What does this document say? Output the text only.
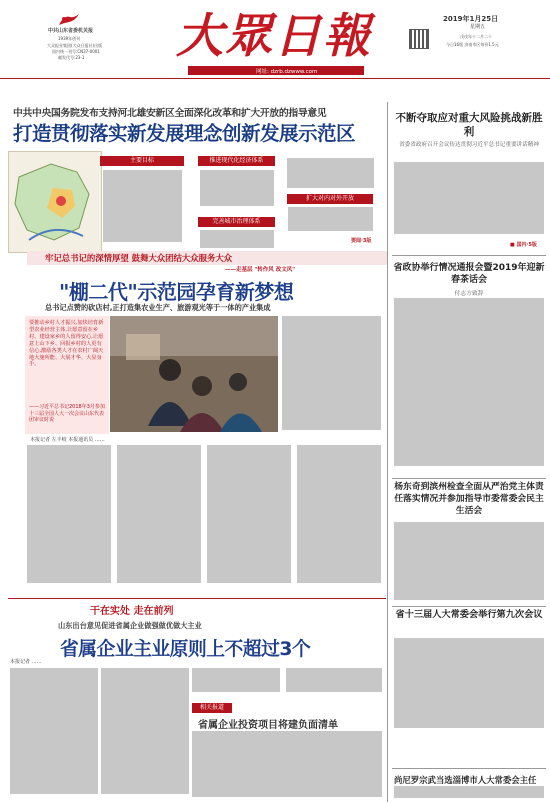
中共山东省委机关报
1939年创刊
大众报业集团(大众日报社)出版
国内统一刊号:CN37-0001
邮发代号:23-1 大眾日報	2019年1月25日
星期五
戊戌年十二月二十
今日16版 济南市区每份1.5元
网址: dzrb.dzwww.com
中共中央国务院发布支持河北雄安新区全面深化改革和扩大开放的指导意见
打造贯彻落实新发展理念创新发展示范区
主要目标	推进现代化经济体系
完善城市治理体系
扩大对内对外开放
要闻·3版
牢记总书记的深情厚望 鼓舞大众团结大众服务大众
——走基层 "转作风 改文风"
"棚二代"示范园孕育新梦想
总书记点赞的砍店村,正打造集农业生产、旅游观光等于一体的产业集成
要推动乡村人才振兴,加快培育新型农业经营主体,让愿意留在乡村、建设家乡的人留得安心,让愿意上山下乡、回报乡村的人更有信心,激励各类人才在农村广阔天地大施所能、大展才华、大显身手。
——习近平总书记2018年3月参加十三届全国人大一次会议山东代表团审议时说
本报记者 左丰岐 本报通讯员 ……
干在实处 走在前列
山东出台意见促进省属企业做强做优做大主业
省属企业主业原则上不超过3个
本报记者 ……
相关报道
省属企业投资项目将建负面清单
不断夺取应对重大风险挑战新胜利
省委省政府召开会议传达贯彻习近平总书记重要讲话精神
■ 国内·5版
省政协举行情况通报会暨2019年迎新春茶话会
付志方致辞
杨东奇到滨州检查全面从严治党主体责任落实情况并参加指导市委常委会民主生活会
省十三届人大常委会举行第九次会议
尚尼罗宗武当选淄博市人大常委会主任
